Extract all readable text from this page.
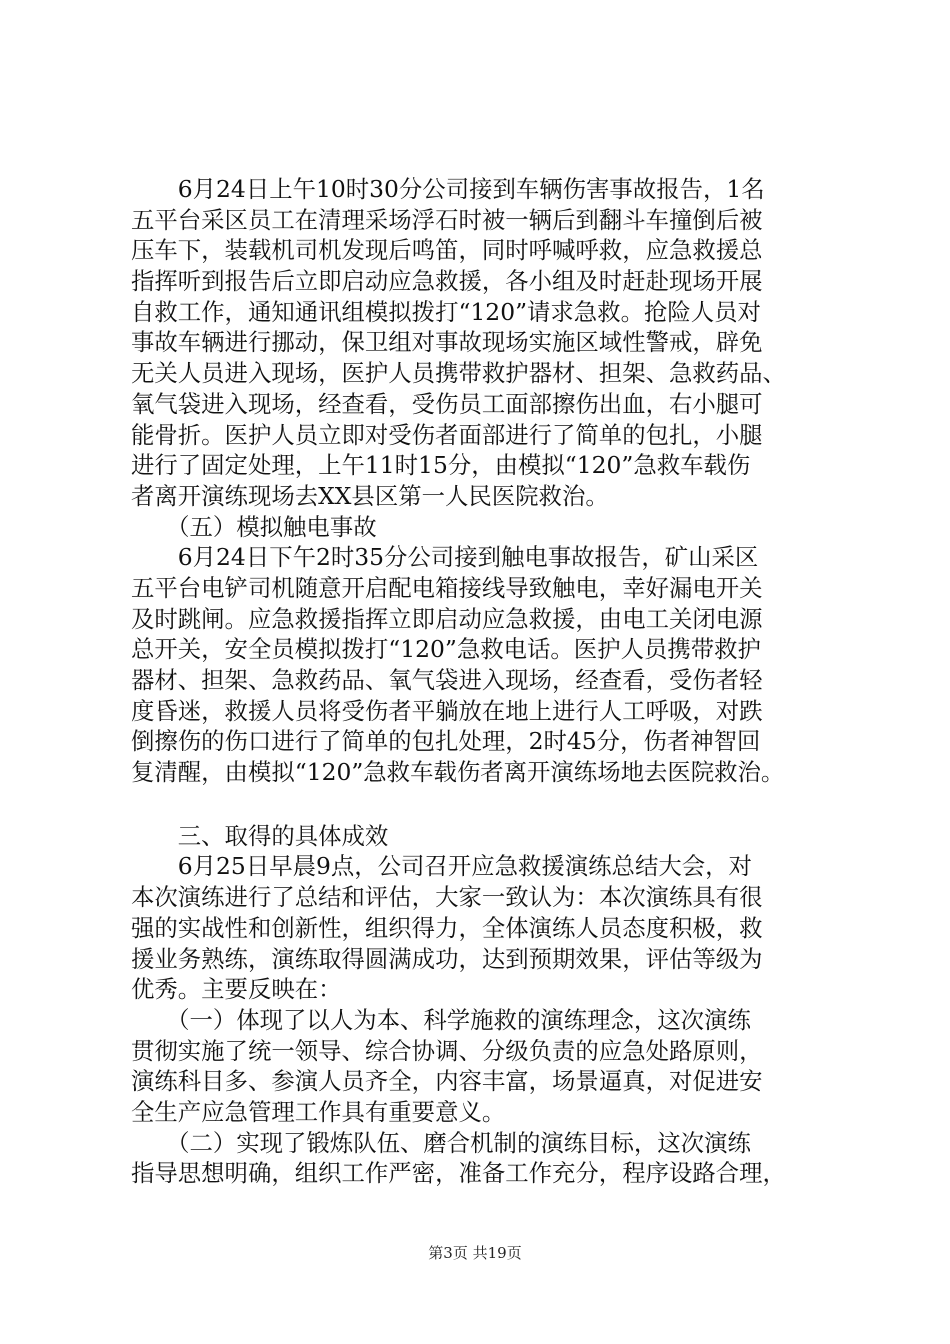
　　6月24日上午10时30分公司接到车辆伤害事故报告，1名
五平台采区员工在清理采场浮石时被一辆后到翻斗车撞倒后被
压车下，装载机司机发现后鸣笛，同时呼喊呼救，应急救援总
指挥听到报告后立即启动应急救援，各小组及时赶赴现场开展
自救工作，通知通讯组模拟拨打“120”请求急救。抢险人员对
事故车辆进行挪动，保卫组对事故现场实施区域性警戒，辟免
无关人员进入现场，医护人员携带救护器材、担架、急救药品、
氧气袋进入现场，经查看，受伤员工面部擦伤出血，右小腿可
能骨折。医护人员立即对受伤者面部进行了简单的包扎，小腿
进行了固定处理，上午11时15分，由模拟“120”急救车载伤
者离开演练现场去XX县区第一人民医院救治。
　　（五）模拟触电事故
　　6月24日下午2时35分公司接到触电事故报告，矿山采区
五平台电铲司机随意开启配电箱接线导致触电，幸好漏电开关
及时跳闸。应急救援指挥立即启动应急救援，由电工关闭电源
总开关，安全员模拟拨打“120”急救电话。医护人员携带救护
器材、担架、急救药品、氧气袋进入现场，经查看，受伤者轻
度昏迷，救援人员将受伤者平躺放在地上进行人工呼吸，对跌
倒擦伤的伤口进行了简单的包扎处理，2时45分，伤者神智回
复清醒，由模拟“120”急救车载伤者离开演练场地去医院救治。
　　三、取得的具体成效
　　6月25日早晨9点，公司召开应急救援演练总结大会，对
本次演练进行了总结和评估，大家一致认为：本次演练具有很
强的实战性和创新性，组织得力，全体演练人员态度积极，救
援业务熟练，演练取得圆满成功，达到预期效果，评估等级为
优秀。主要反映在：
　　（一）体现了以人为本、科学施救的演练理念，这次演练
贯彻实施了统一领导、综合协调、分级负责的应急处路原则，
演练科目多、参演人员齐全，内容丰富，场景逼真，对促进安
全生产应急管理工作具有重要意义。
　　（二）实现了锻炼队伍、磨合机制的演练目标，这次演练
指导思想明确，组织工作严密，准备工作充分，程序设路合理，
第3页 共19页
